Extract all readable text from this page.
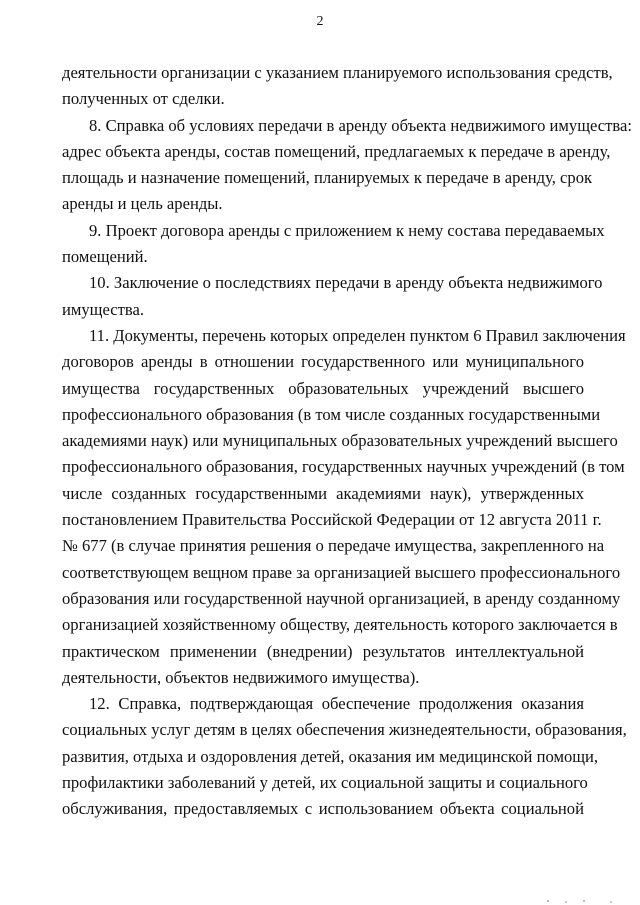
2
деятельности организации с указанием планируемого использования средств,
полученных от сделки.
8. Справка об условиях передачи в аренду объекта недвижимого имущества:
адрес объекта аренды, состав помещений, предлагаемых к передаче в аренду,
площадь и назначение помещений, планируемых к передаче в аренду, срок
аренды и цель аренды.
9. Проект договора аренды с приложением к нему состава передаваемых
помещений.
10. Заключение о последствиях передачи в аренду объекта недвижимого
имущества.
11. Документы, перечень которых определен пунктом 6 Правил заключения
договоров аренды в отношении государственного или муниципального
имущества государственных образовательных учреждений высшего
профессионального образования (в том числе созданных государственными
академиями наук) или муниципальных образовательных учреждений высшего
профессионального образования, государственных научных учреждений (в том
числе созданных государственными академиями наук), утвержденных
постановлением Правительства Российской Федерации от 12 августа 2011 г.
№ 677 (в случае принятия решения о передаче имущества, закрепленного на
соответствующем вещном праве за организацией высшего профессионального
образования или государственной научной организацией, в аренду созданному
организацией хозяйственному обществу, деятельность которого заключается в
практическом применении (внедрении) результатов интеллектуальной
деятельности, объектов недвижимого имущества).
12. Справка, подтверждающая обеспечение продолжения оказания
социальных услуг детям в целях обеспечения жизнедеятельности, образования,
развития, отдыха и оздоровления детей, оказания им медицинской помощи,
профилактики заболеваний у детей, их социальной защиты и социального
обслуживания, предоставляемых с использованием объекта социальной
